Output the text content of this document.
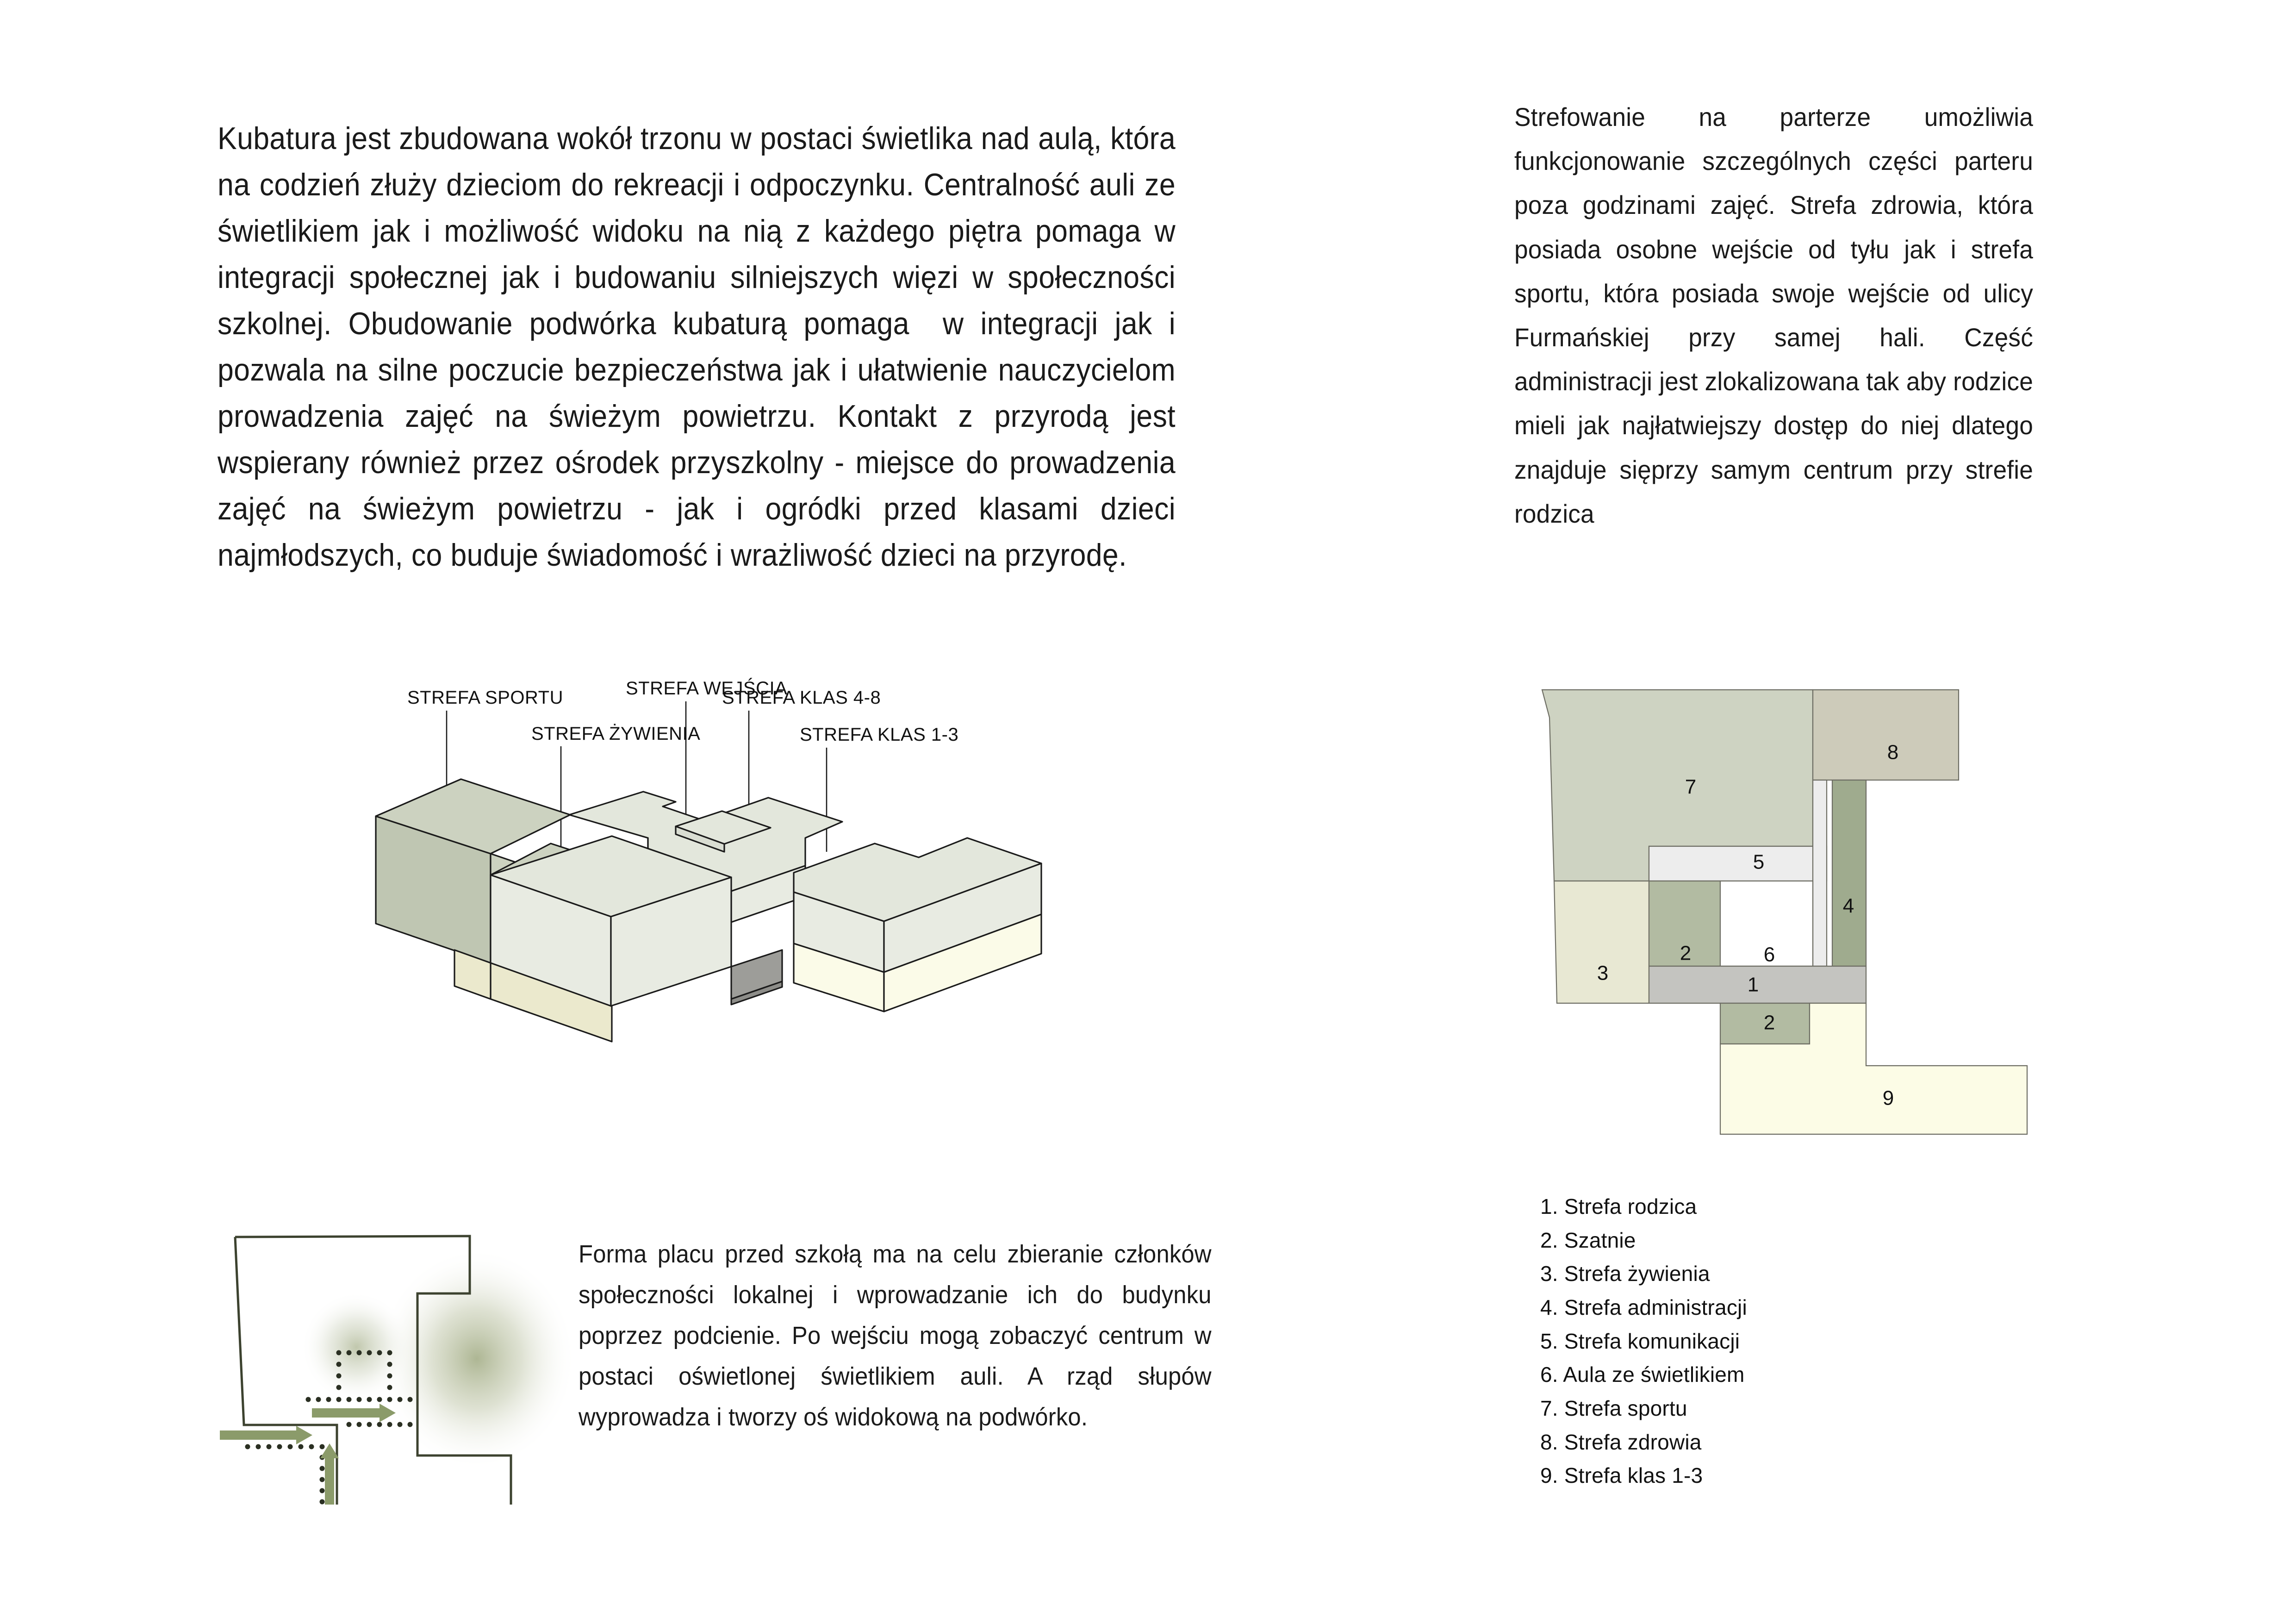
Kubatura jest zbudowana wokół trzonu w postaci świetlika nad aulą, która na codzień złuży dzieciom do rekreacji i odpoczynku. Centralność auli ze świetlikiem jak i możliwość widoku na nią z każdego piętra pomaga w integracji społecznej jak i budowaniu silniejszych więzi w społeczności szkolnej. Obudowanie podwórka kubaturą pomaga  w integracji jak i pozwala na silne poczucie bezpieczeństwa jak i ułatwienie nauczycielom prowadzenia zajęć na świeżym powietrzu. Kontakt z przyrodą jest wspierany również przez ośrodek przyszkolny - miejsce do prowadzenia zajęć na świeżym powietrzu - jak i ogródki przed klasami dzieci najmłodszych, co buduje świadomość i wrażliwość dzieci na przyrodę.
Strefowanie na parterze umożliwia funkcjonowanie szczególnych części parteru poza godzinami zajęć. Strefa zdrowia, która posiada osobne wejście od tyłu jak i strefa sportu, która posiada swoje wejście od ulicy Furmańskiej przy samej hali. Część administracji jest zlokalizowana tak aby rodzice mieli jak najłatwiejszy dostęp do niej dlatego znajduje sięprzy samym centrum przy strefie rodzica
STREFA SPORTU
STREFA ŻYWIENIA
STREFA WEJŚCIA
STREFA KLAS 4-8
STREFA KLAS 1-3
7
8
5
4
3
2	6
1
2
9
1. Strefa rodzica
2. Szatnie
3. Strefa żywienia
4. Strefa administracji
5. Strefa komunikacji
6. Aula ze świetlikiem
7. Strefa sportu
8. Strefa zdrowia
9. Strefa klas 1-3
Forma placu przed szkołą ma na celu zbieranie członków społeczności lokalnej i wprowadzanie ich do budynku poprzez podcienie. Po wejściu mogą zobaczyć centrum w postaci oświetlonej świetlikiem auli. A rząd słupów wyprowadza i tworzy oś widokową na podwórko.
